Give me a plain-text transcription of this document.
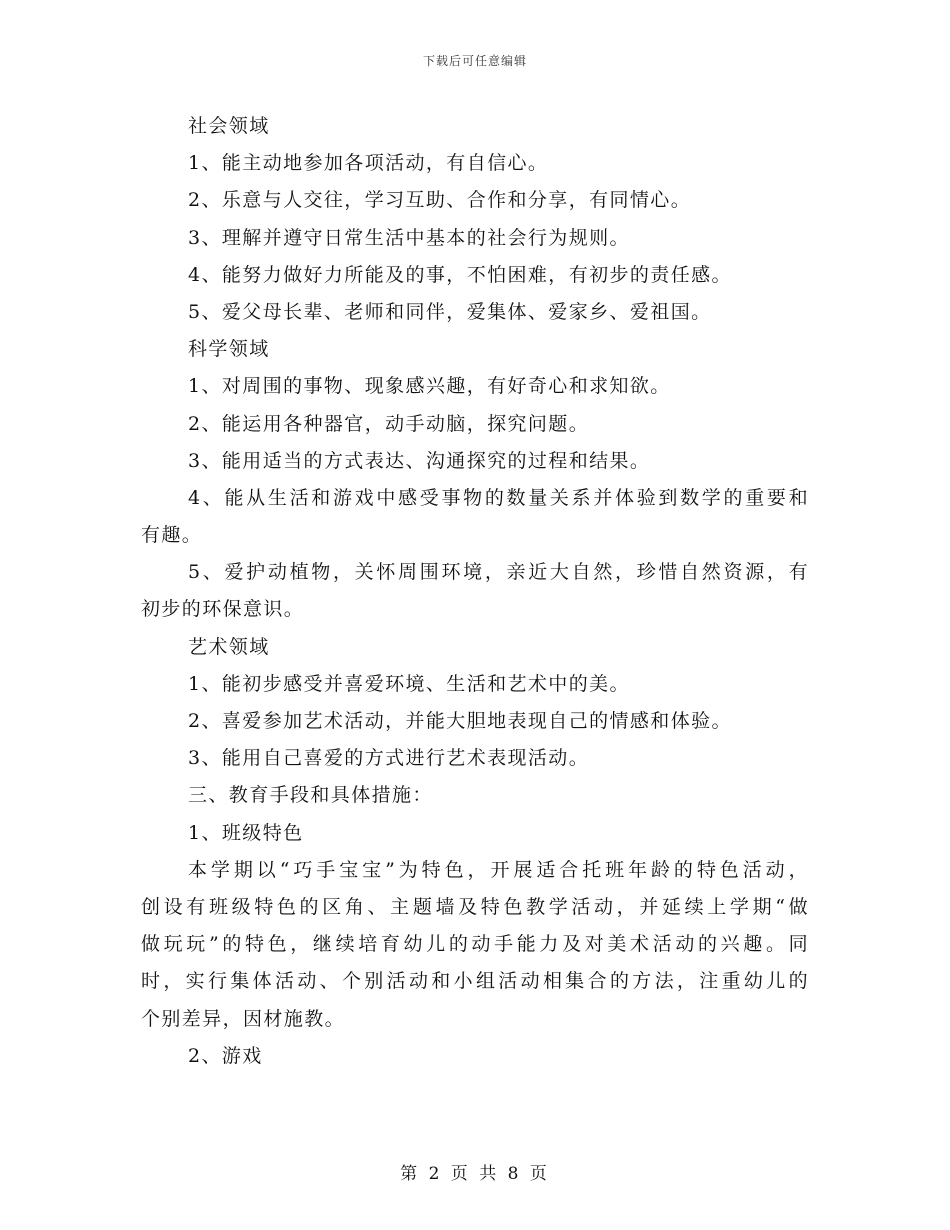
下载后可任意编辑
社会领域
1、能主动地参加各项活动，有自信心。
2、乐意与人交往，学习互助、合作和分享，有同情心。
3、理解并遵守日常生活中基本的社会行为规则。
4、能努力做好力所能及的事，不怕困难，有初步的责任感。
5、爱父母长辈、老师和同伴，爱集体、爱家乡、爱祖国。
科学领域
1、对周围的事物、现象感兴趣，有好奇心和求知欲。
2、能运用各种器官，动手动脑，探究问题。
3、能用适当的方式表达、沟通探究的过程和结果。
4、能从生活和游戏中感受事物的数量关系并体验到数学的重要和
有趣。
5、爱护动植物，关怀周围环境，亲近大自然，珍惜自然资源，有
初步的环保意识。
艺术领域
1、能初步感受并喜爱环境、生活和艺术中的美。
2、喜爱参加艺术活动，并能大胆地表现自己的情感和体验。
3、能用自己喜爱的方式进行艺术表现活动。
三、教育手段和具体措施：
1、班级特色
本学期以“巧手宝宝”为特色，开展适合托班年龄的特色活动，
创设有班级特色的区角、主题墙及特色教学活动，并延续上学期“做
做玩玩”的特色，继续培育幼儿的动手能力及对美术活动的兴趣。同
时，实行集体活动、个别活动和小组活动相集合的方法，注重幼儿的
个别差异，因材施教。
2、游戏
第 2 页 共 8 页
